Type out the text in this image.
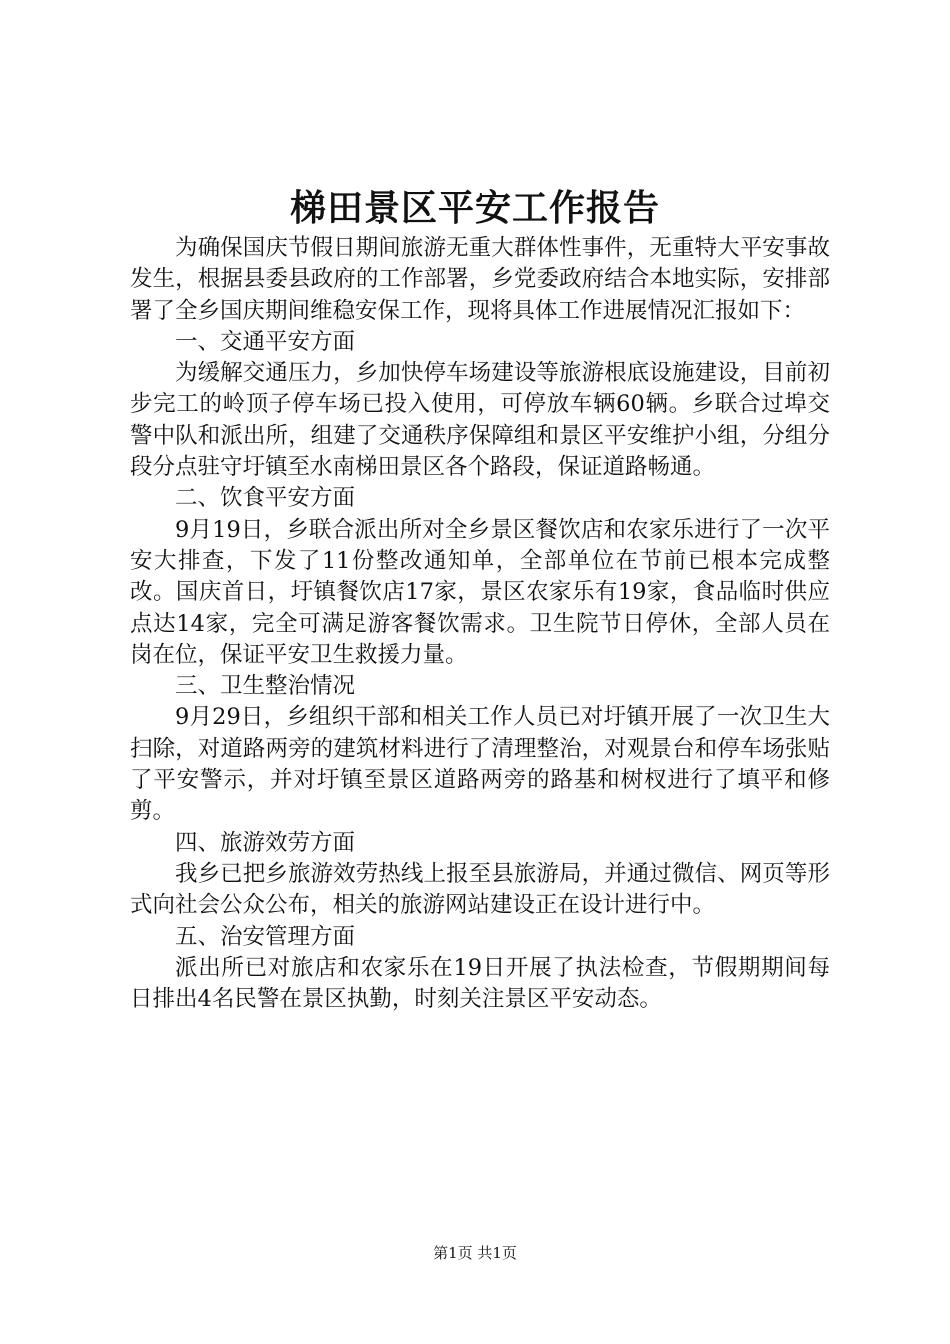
梯田景区平安工作报告

为确保国庆节假日期间旅游无重大群体性事件，无重特大平安事故发生，根据县委县政府的工作部署，乡党委政府结合本地实际，安排部署了全乡国庆期间维稳安保工作，现将具体工作进展情况汇报如下：

一、交通平安方面

为缓解交通压力，乡加快停车场建设等旅游根底设施建设，目前初步完工的岭顶子停车场已投入使用，可停放车辆60辆。乡联合过埠交警中队和派出所，组建了交通秩序保障组和景区平安维护小组，分组分段分点驻守圩镇至水南梯田景区各个路段，保证道路畅通。

二、饮食平安方面

9月19日，乡联合派出所对全乡景区餐饮店和农家乐进行了一次平安大排查，下发了11份整改通知单，全部单位在节前已根本完成整改。国庆首日，圩镇餐饮店17家，景区农家乐有19家，食品临时供应点达14家，完全可满足游客餐饮需求。卫生院节日停休，全部人员在岗在位，保证平安卫生救援力量。

三、卫生整治情况

9月29日，乡组织干部和相关工作人员已对圩镇开展了一次卫生大扫除，对道路两旁的建筑材料进行了清理整治，对观景台和停车场张贴了平安警示，并对圩镇至景区道路两旁的路基和树杈进行了填平和修剪。

四、旅游效劳方面

我乡已把乡旅游效劳热线上报至县旅游局，并通过微信、网页等形式向社会公众公布，相关的旅游网站建设正在设计进行中。

五、治安管理方面

派出所已对旅店和农家乐在19日开展了执法检查，节假期期间每日排出4名民警在景区执勤，时刻关注景区平安动态。

第1页 共1页
